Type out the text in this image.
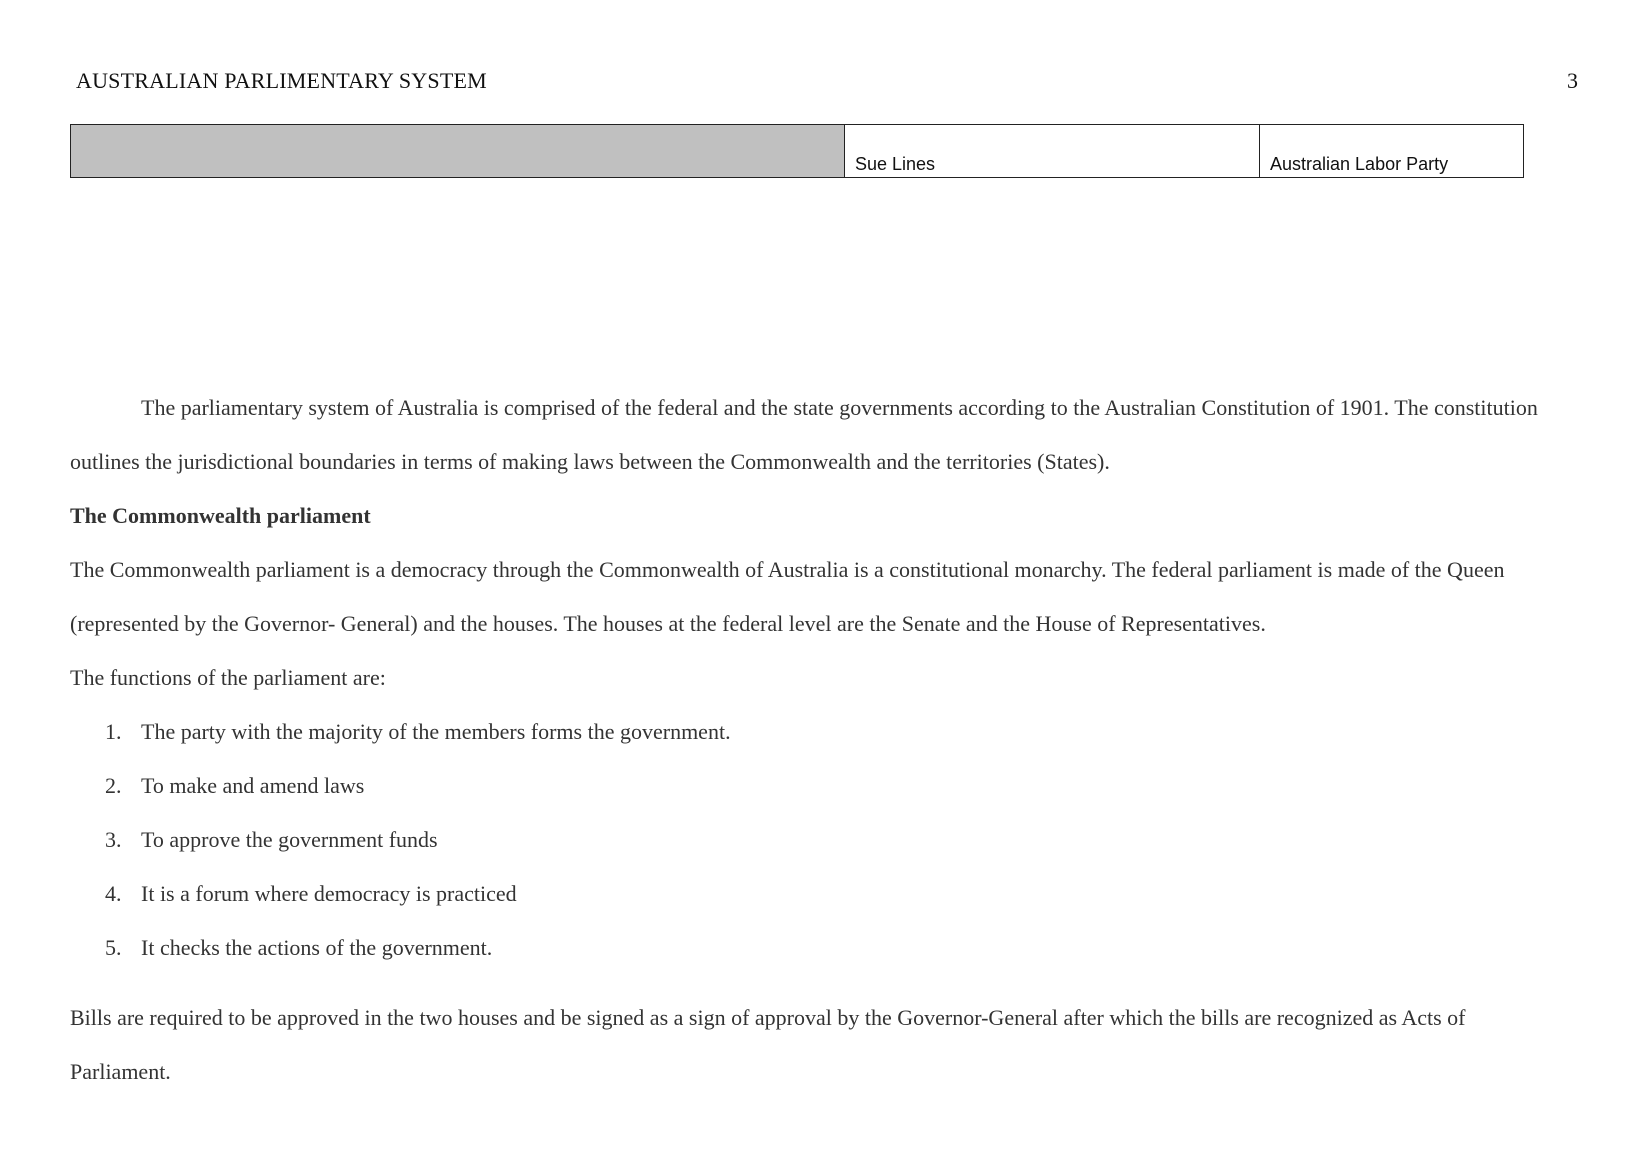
AUSTRALIAN PARLIMENTARY SYSTEM	3
	Sue Lines	Australian Labor Party

The parliamentary system of Australia is comprised of the federal and the state governments according to the Australian Constitution of 1901. The constitution outlines the jurisdictional boundaries in terms of making laws between the Commonwealth and the territories (States).

The Commonwealth parliament

The Commonwealth parliament is a democracy through the Commonwealth of Australia is a constitutional monarchy. The federal parliament is made of the Queen (represented by the Governor- General) and the houses. The houses at the federal level are the Senate and the House of Representatives.

The functions of the parliament are:

1. The party with the majority of the members forms the government.
2. To make and amend laws
3. To approve the government funds
4. It is a forum where democracy is practiced
5. It checks the actions of the government.

Bills are required to be approved in the two houses and be signed as a sign of approval by the Governor-General after which the bills are recognized as Acts of Parliament.
